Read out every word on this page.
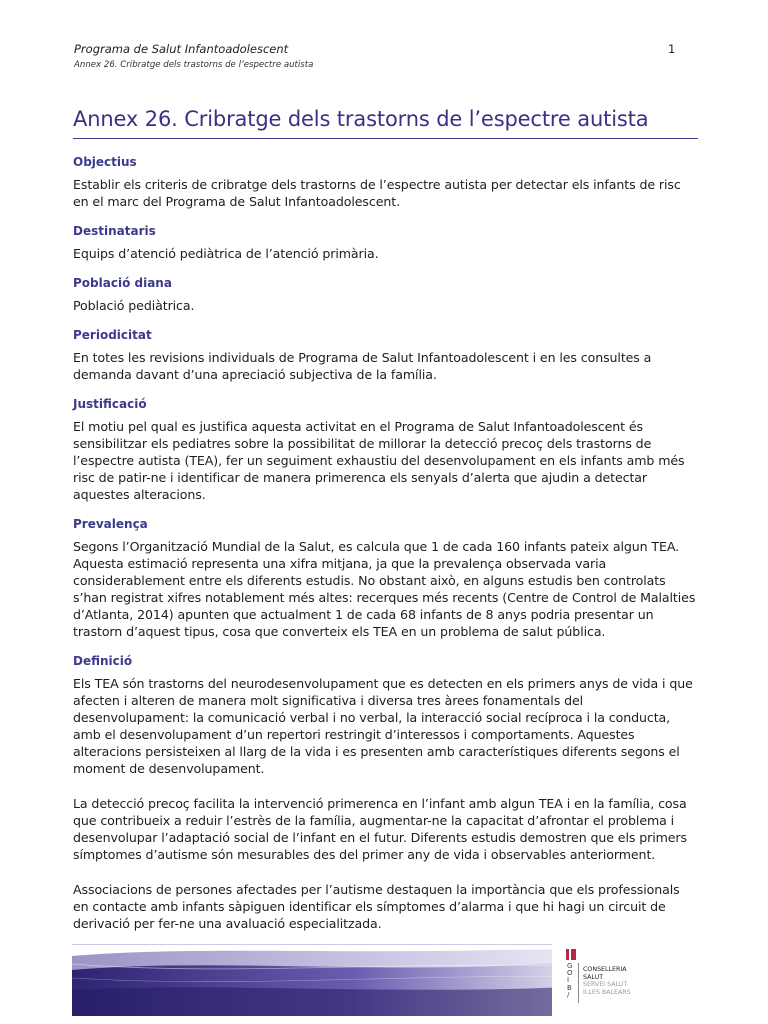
Programa de Salut Infantoadolescent	1
Annex 26. Cribratge dels trastorns de l’espectre autista
Annex 26. Cribratge dels trastorns de l’espectre autista
Objectius

Establir els criteris de cribratge dels trastorns de l’espectre autista per detectar els infants de risc en el marc del Programa de Salut Infantoadolescent.

Destinataris

Equips d’atenció pediàtrica de l’atenció primària.

Població diana

Població pediàtrica.

Periodicitat

En totes les revisions individuals de Programa de Salut Infantoadolescent i en les consultes a demanda davant d’una apreciació subjectiva de la família.

Justificació

El motiu pel qual es justifica aquesta activitat en el Programa de Salut Infantoadolescent és sensibilitzar els pediatres sobre la possibilitat de millorar la detecció precoç dels trastorns de l’espectre autista (TEA), fer un seguiment exhaustiu del desenvolupament en els infants amb més risc de patir-ne i identificar de manera primerenca els senyals d’alerta que ajudin a detectar aquestes alteracions.

Prevalença

Segons l’Organització Mundial de la Salut, es calcula que 1 de cada 160 infants pateix algun TEA. Aquesta estimació representa una xifra mitjana, ja que la prevalença observada varia considerablement entre els diferents estudis. No obstant això, en alguns estudis ben controlats s’han registrat xifres notablement més altes: recerques més recents (Centre de Control de Malalties d’Atlanta, 2014) apunten que actualment 1 de cada 68 infants de 8 anys podria presentar un trastorn d’aquest tipus, cosa que converteix els TEA en un problema de salut pública.

Definició

Els TEA són trastorns del neurodesenvolupament que es detecten en els primers anys de vida i que afecten i alteren de manera molt significativa i diversa tres àrees fonamentals del desenvolupament: la comunicació verbal i no verbal, la interacció social recíproca i la conducta, amb el desenvolupament d’un repertori restringit d’interessos i comportaments. Aquestes alteracions persisteixen al llarg de la vida i es presenten amb característiques diferents segons el moment de desenvolupament.

La detecció precoç facilita la intervenció primerenca en l’infant amb algun TEA i en la família, cosa que contribueix a reduir l’estrès de la família, augmentar-ne la capacitat d’afrontar el problema i desenvolupar l’adaptació social de l’infant en el futur. Diferents estudis demostren que els primers símptomes d’autisme són mesurables des del primer any de vida i observables anteriorment.

Associacions de persones afectades per l’autisme destaquen la importància que els professionals en contacte amb infants sàpiguen identificar els símptomes d’alarma i que hi hagi un circuit de derivació per fer-ne una avaluació especialitzada.

G
O
I
B
/
CONSELLERIA
SALUT
SERVEI SALUT
ILLES BALEARS
